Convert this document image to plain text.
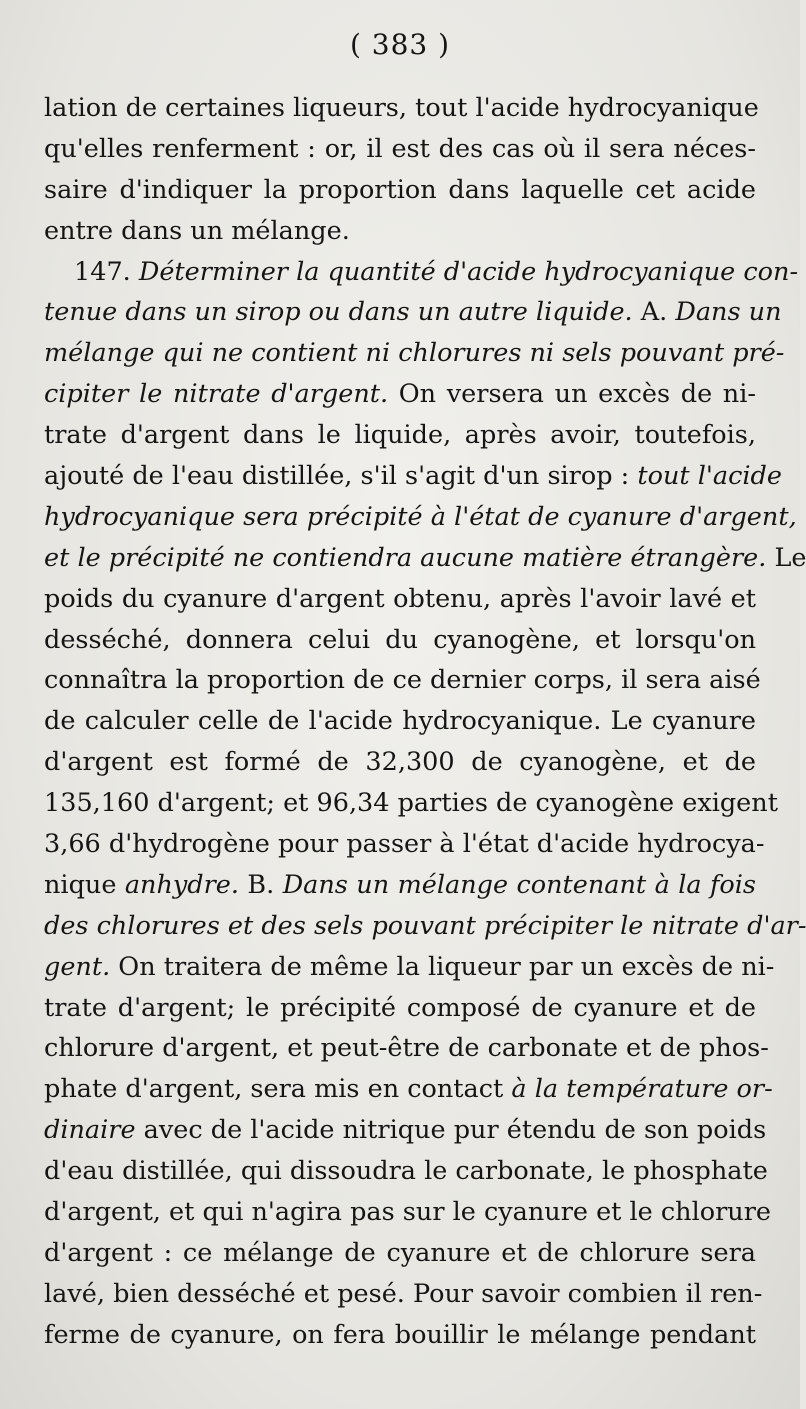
( 383 )
lation de certaines liqueurs, tout l'acide hydrocyanique
qu'elles renferment : or, il est des cas où il sera néces-
saire d'indiquer la proportion dans laquelle cet acide
entre dans un mélange.
147. Déterminer la quantité d'acide hydrocyanique con-
tenue dans un sirop ou dans un autre liquide. A. Dans un
mélange qui ne contient ni chlorures ni sels pouvant pré-
cipiter le nitrate d'argent. On versera un excès de ni-
trate d'argent dans le liquide, après avoir, toutefois,
ajouté de l'eau distillée, s'il s'agit d'un sirop : tout l'acide
hydrocyanique sera précipité à l'état de cyanure d'argent,
et le précipité ne contiendra aucune matière étrangère. Le
poids du cyanure d'argent obtenu, après l'avoir lavé et
desséché, donnera celui du cyanogène, et lorsqu'on
connaîtra la proportion de ce dernier corps, il sera aisé
de calculer celle de l'acide hydrocyanique. Le cyanure
d'argent est formé de 32,300 de cyanogène, et de
135,160 d'argent; et 96,34 parties de cyanogène exigent
3,66 d'hydrogène pour passer à l'état d'acide hydrocya-
nique anhydre. B. Dans un mélange contenant à la fois
des chlorures et des sels pouvant précipiter le nitrate d'ar-
gent. On traitera de même la liqueur par un excès de ni-
trate d'argent; le précipité composé de cyanure et de
chlorure d'argent, et peut-être de carbonate et de phos-
phate d'argent, sera mis en contact à la température or-
dinaire avec de l'acide nitrique pur étendu de son poids
d'eau distillée, qui dissoudra le carbonate, le phosphate
d'argent, et qui n'agira pas sur le cyanure et le chlorure
d'argent : ce mélange de cyanure et de chlorure sera
lavé, bien desséché et pesé. Pour savoir combien il ren-
ferme de cyanure, on fera bouillir le mélange pendant
